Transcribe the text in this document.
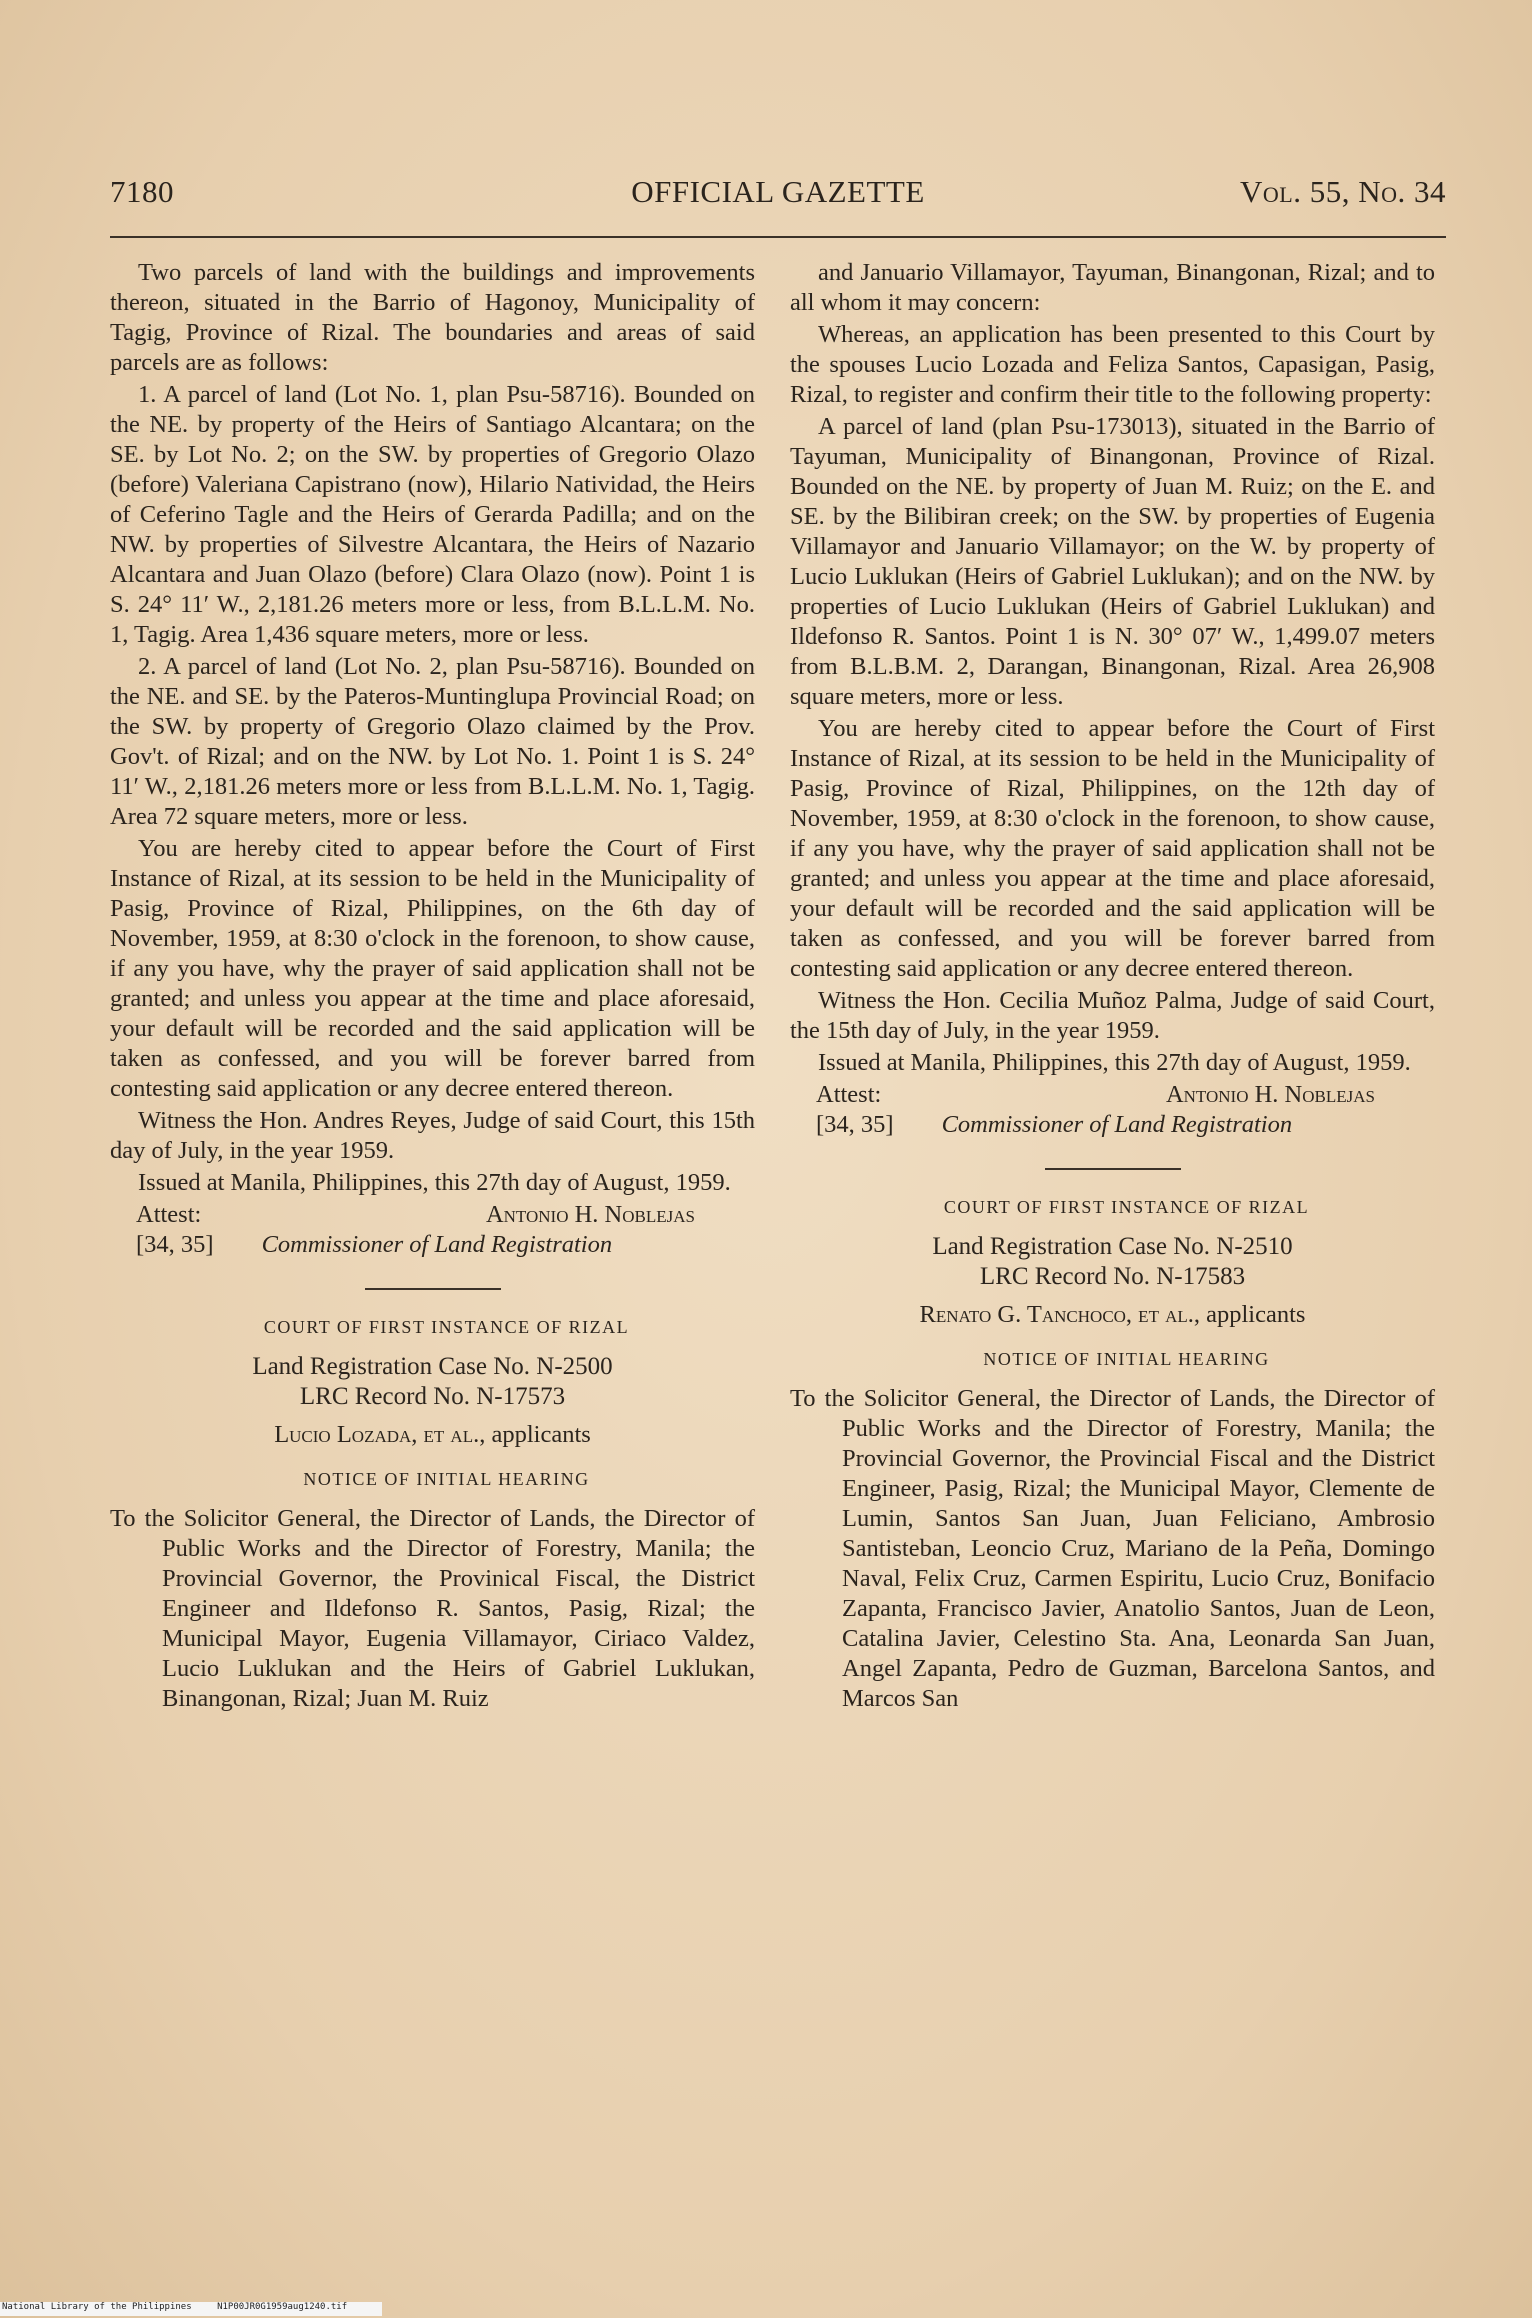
7180	OFFICIAL GAZETTE	Vol. 55, No. 34

Two parcels of land with the buildings and improvements thereon, situated in the Barrio of Hagonoy, Municipality of Tagig, Province of Rizal. The boundaries and areas of said parcels are as follows:

1. A parcel of land (Lot No. 1, plan Psu-58716). Bounded on the NE. by property of the Heirs of Santiago Alcantara; on the SE. by Lot No. 2; on the SW. by properties of Gregorio Olazo (before) Valeriana Capistrano (now), Hilario Natividad, the Heirs of Ceferino Tagle and the Heirs of Gerarda Padilla; and on the NW. by properties of Silvestre Alcantara, the Heirs of Nazario Alcantara and Juan Olazo (before) Clara Olazo (now). Point 1 is S. 24° 11′ W., 2,181.26 meters more or less, from B.L.L.M. No. 1, Tagig. Area 1,436 square meters, more or less.

2. A parcel of land (Lot No. 2, plan Psu-58716). Bounded on the NE. and SE. by the Pateros-Muntinglupa Provincial Road; on the SW. by property of Gregorio Olazo claimed by the Prov. Gov't. of Rizal; and on the NW. by Lot No. 1. Point 1 is S. 24° 11′ W., 2,181.26 meters more or less from B.L.L.M. No. 1, Tagig. Area 72 square meters, more or less.

You are hereby cited to appear before the Court of First Instance of Rizal, at its session to be held in the Municipality of Pasig, Province of Rizal, Philippines, on the 6th day of November, 1959, at 8:30 o'clock in the forenoon, to show cause, if any you have, why the prayer of said application shall not be granted; and unless you appear at the time and place aforesaid, your default will be recorded and the said application will be taken as confessed, and you will be forever barred from contesting said application or any decree entered thereon.

Witness the Hon. Andres Reyes, Judge of said Court, this 15th day of July, in the year 1959.

Issued at Manila, Philippines, this 27th day of August, 1959.

Attest:	Antonio H. Noblejas
[34, 35] Commissioner of Land Registration

COURT OF FIRST INSTANCE OF RIZAL

Land Registration Case No. N-2500
LRC Record No. N-17573

Lucio Lozada, et al., applicants

NOTICE OF INITIAL HEARING

To the Solicitor General, the Director of Lands, the Director of Public Works and the Director of Forestry, Manila; the Provincial Governor, the Provinical Fiscal, the District Engineer and Ildefonso R. Santos, Pasig, Rizal; the Municipal Mayor, Eugenia Villamayor, Ciriaco Valdez, Lucio Luklukan and the Heirs of Gabriel Luklukan, Binangonan, Rizal; Juan M. Ruiz

and Januario Villamayor, Tayuman, Binangonan, Rizal; and to all whom it may concern:

Whereas, an application has been presented to this Court by the spouses Lucio Lozada and Feliza Santos, Capasigan, Pasig, Rizal, to register and confirm their title to the following property:

A parcel of land (plan Psu-173013), situated in the Barrio of Tayuman, Municipality of Binangonan, Province of Rizal. Bounded on the NE. by property of Juan M. Ruiz; on the E. and SE. by the Bilibiran creek; on the SW. by properties of Eugenia Villamayor and Januario Villamayor; on the W. by property of Lucio Luklukan (Heirs of Gabriel Luklukan); and on the NW. by properties of Lucio Luklukan (Heirs of Gabriel Luklukan) and Ildefonso R. Santos. Point 1 is N. 30° 07′ W., 1,499.07 meters from B.L.B.M. 2, Darangan, Binangonan, Rizal. Area 26,908 square meters, more or less.

You are hereby cited to appear before the Court of First Instance of Rizal, at its session to be held in the Municipality of Pasig, Province of Rizal, Philippines, on the 12th day of November, 1959, at 8:30 o'clock in the forenoon, to show cause, if any you have, why the prayer of said application shall not be granted; and unless you appear at the time and place aforesaid, your default will be recorded and the said application will be taken as confessed, and you will be forever barred from contesting said application or any decree entered thereon.

Witness the Hon. Cecilia Muñoz Palma, Judge of said Court, the 15th day of July, in the year 1959.

Issued at Manila, Philippines, this 27th day of August, 1959.

Attest:	Antonio H. Noblejas
[34, 35] Commissioner of Land Registration

COURT OF FIRST INSTANCE OF RIZAL

Land Registration Case No. N-2510
LRC Record No. N-17583

Renato G. Tanchoco, et al., applicants

NOTICE OF INITIAL HEARING

To the Solicitor General, the Director of Lands, the Director of Public Works and the Director of Forestry, Manila; the Provincial Governor, the Provincial Fiscal and the District Engineer, Pasig, Rizal; the Municipal Mayor, Clemente de Lumin, Santos San Juan, Juan Feliciano, Ambrosio Santisteban, Leoncio Cruz, Mariano de la Peña, Domingo Naval, Felix Cruz, Carmen Espiritu, Lucio Cruz, Bonifacio Zapanta, Francisco Javier, Anatolio Santos, Juan de Leon, Catalina Javier, Celestino Sta. Ana, Leonarda San Juan, Angel Zapanta, Pedro de Guzman, Barcelona Santos, and Marcos San

National Library of the Philippines	N1P00JR0G1959aug1240.tif
